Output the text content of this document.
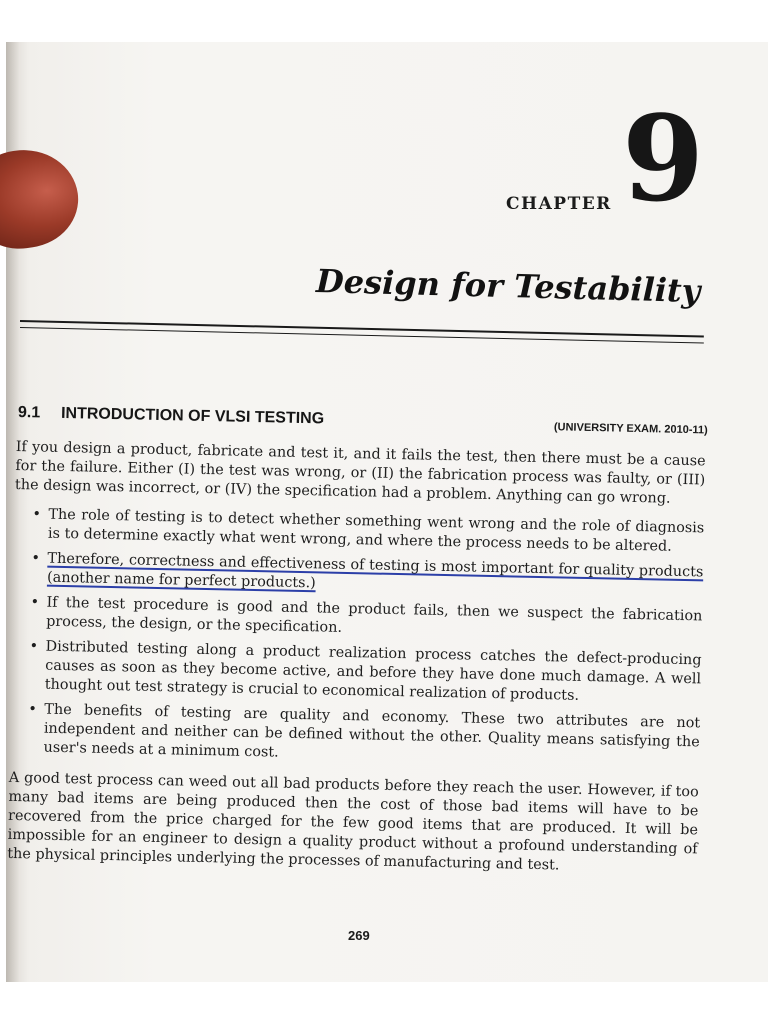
CHAPTER 9
Design for Testability
9.1 INTRODUCTION OF VLSI TESTING
(UNIVERSITY EXAM. 2010-11)

If you design a product, fabricate and test it, and it fails the test, then there must be a cause for the failure. Either (I) the test was wrong, or (II) the fabrication process was faulty, or (III) the design was incorrect, or (IV) the specification had a problem. Anything can go wrong.

• The role of testing is to detect whether something went wrong and the role of diagnosis is to determine exactly what went wrong, and where the process needs to be altered.
• Therefore, correctness and effectiveness of testing is most important for quality products (another name for perfect products.)
• If the test procedure is good and the product fails, then we suspect the fabrication process, the design, or the specification.
• Distributed testing along a product realization process catches the defect-producing causes as soon as they become active, and before they have done much damage. A well thought out test strategy is crucial to economical realization of products.
• The benefits of testing are quality and economy. These two attributes are not independent and neither can be defined without the other. Quality means satisfying the user's needs at a minimum cost.

A good test process can weed out all bad products before they reach the user. However, if too many bad items are being produced then the cost of those bad items will have to be recovered from the price charged for the few good items that are produced. It will be impossible for an engineer to design a quality product without a profound understanding of the physical principles underlying the processes of manufacturing and test.

269
